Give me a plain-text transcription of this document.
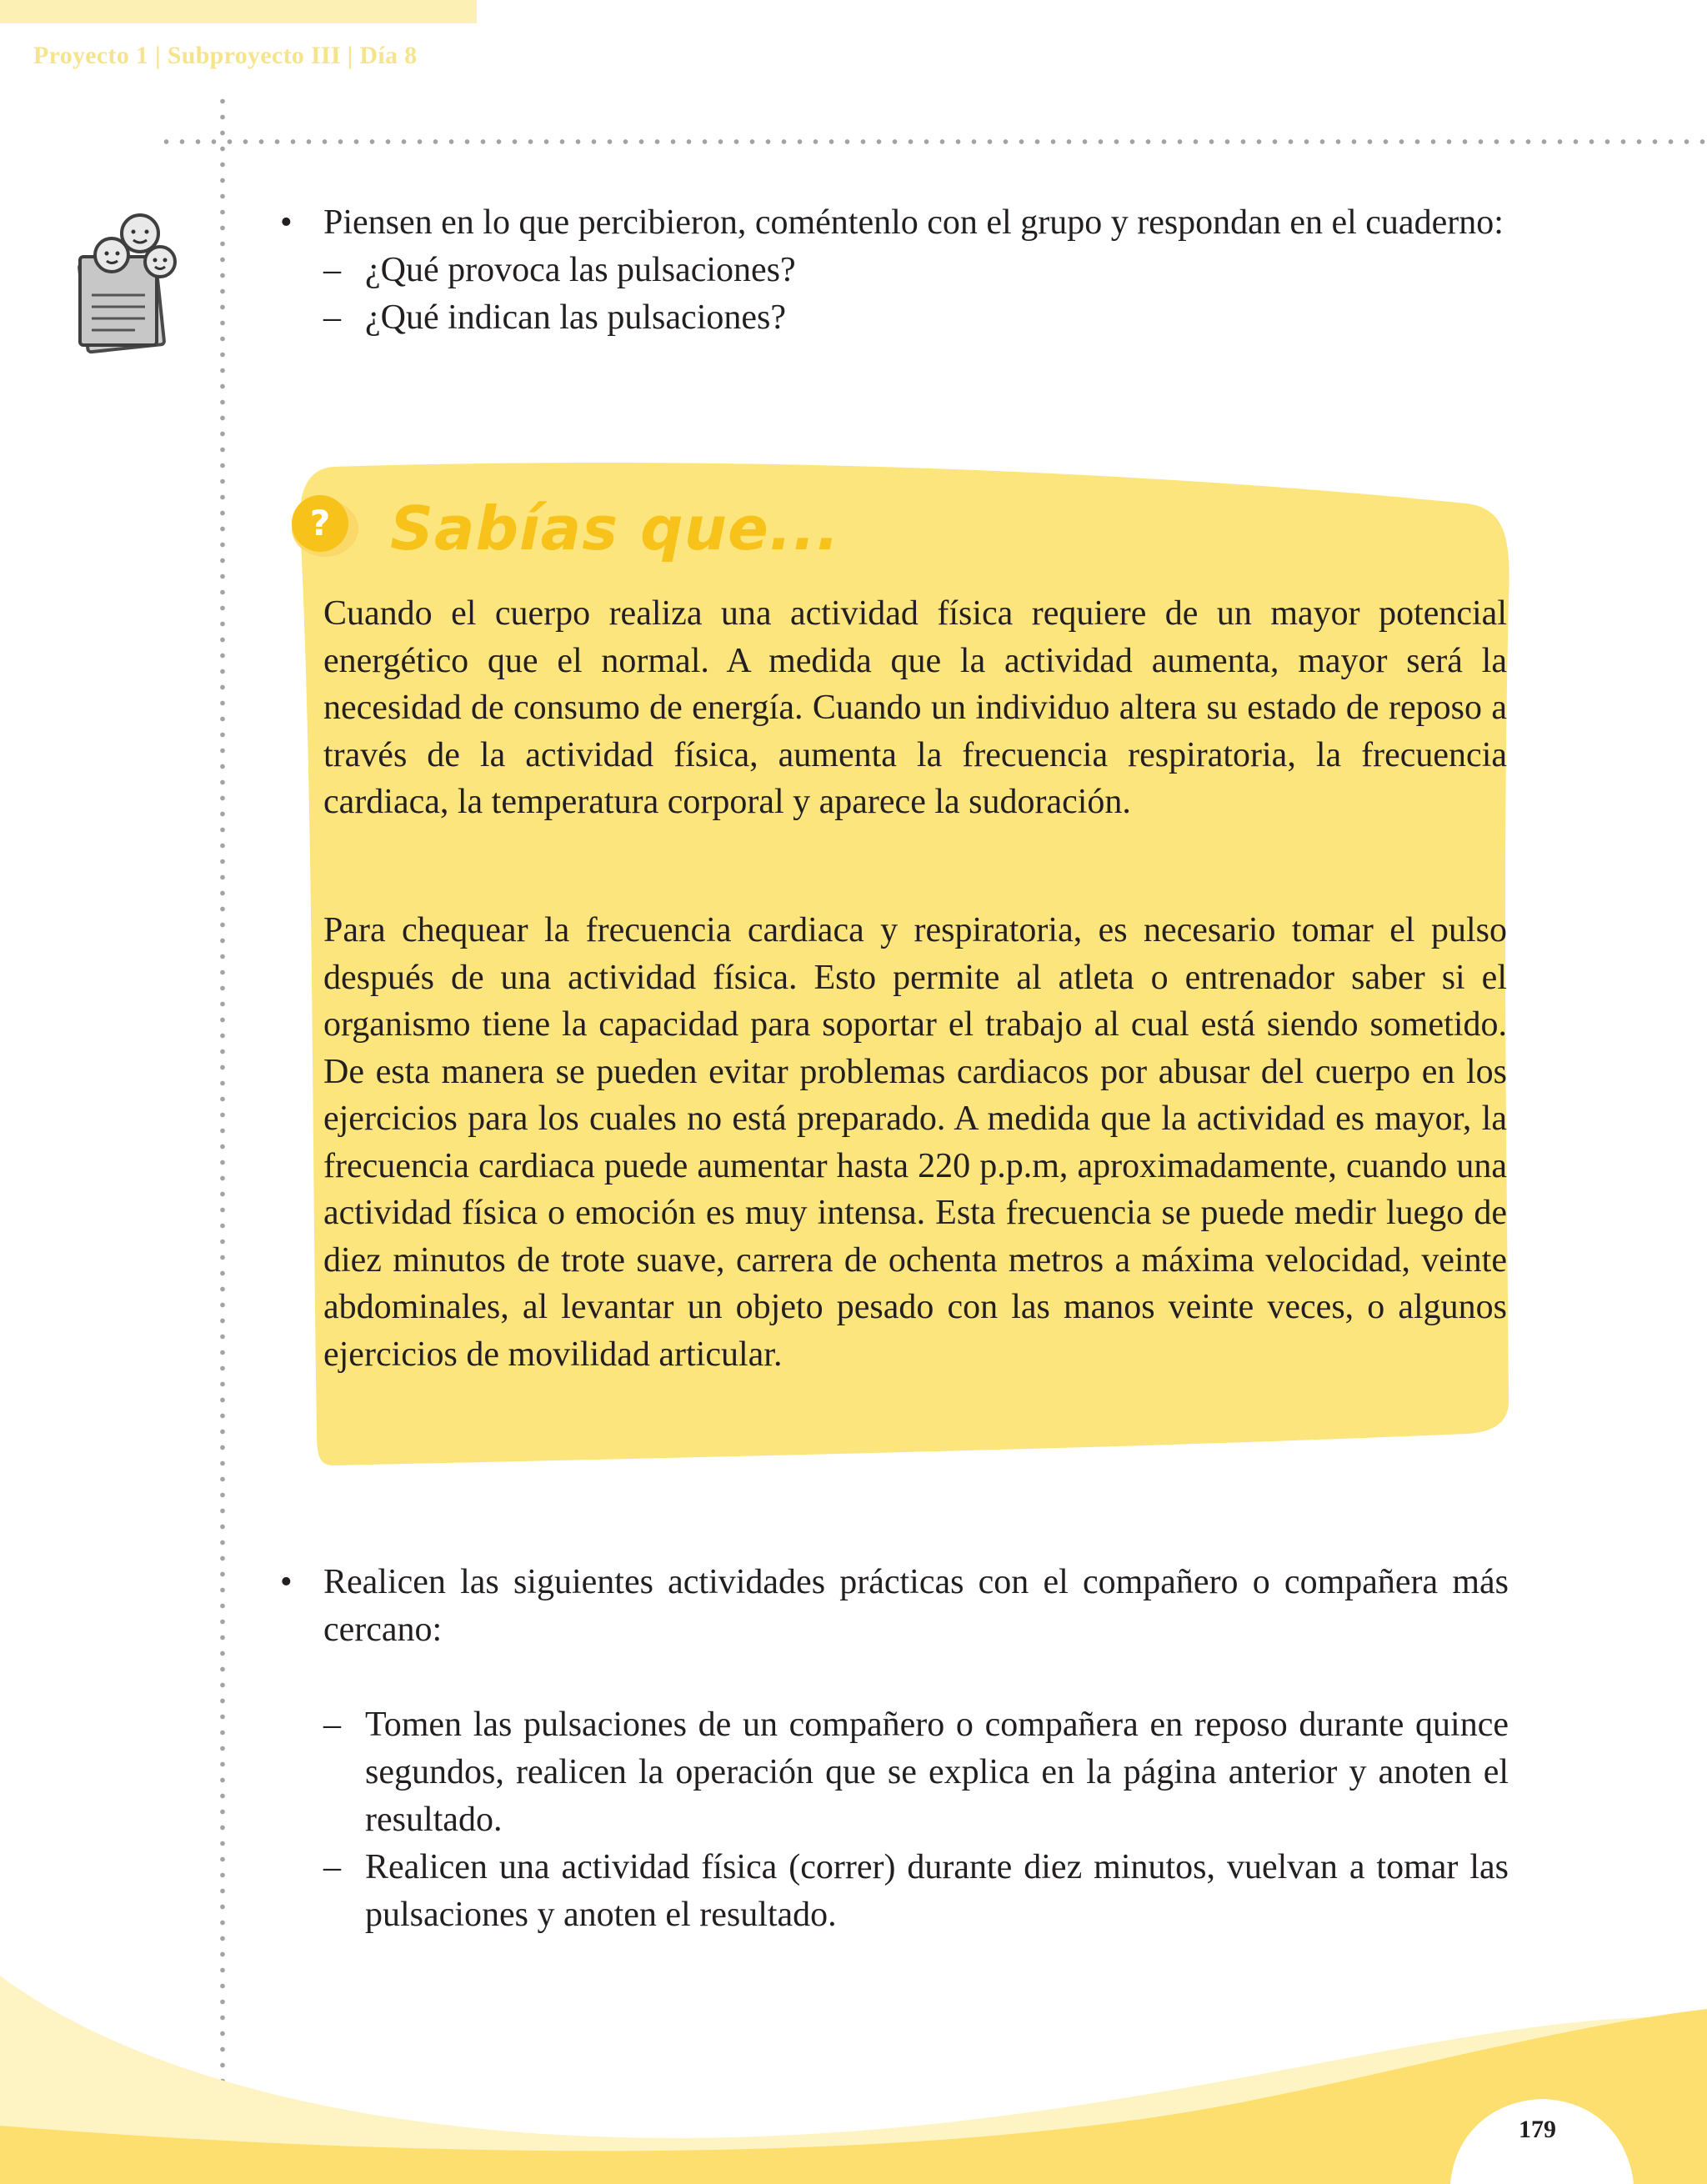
Proyecto 1 | Subproyecto III | Día 8
• Piensen en lo que percibieron, coméntenlo con el grupo y respondan en el cuaderno:
– ¿Qué provoca las pulsaciones?
– ¿Qué indican las pulsaciones?
? Sabías que...
Cuando el cuerpo realiza una actividad física requiere de un mayor potencial energético que el normal. A medida que la actividad aumenta, mayor será la necesidad de consumo de energía. Cuando un individuo altera su estado de reposo a través de la actividad física, aumenta la frecuencia respiratoria, la frecuencia cardiaca, la temperatura corporal y aparece la sudoración.
Para chequear la frecuencia cardiaca y respiratoria, es necesario tomar el pulso después de una actividad física. Esto permite al atleta o entrenador saber si el organismo tiene la capacidad para soportar el trabajo al cual está siendo sometido. De esta manera se pueden evitar problemas cardiacos por abusar del cuerpo en los ejercicios para los cuales no está preparado. A medida que la actividad es mayor, la frecuencia cardiaca puede aumentar hasta 220 p.p.m, aproximadamente, cuando una actividad física o emoción es muy intensa. Esta frecuencia se puede medir luego de diez minutos de trote suave, carrera de ochenta metros a máxima velocidad, veinte abdominales, al levantar un objeto pesado con las manos veinte veces, o algunos ejercicios de movilidad articular.
• Realicen las siguientes actividades prácticas con el compañero o compañera más cercano:
– Tomen las pulsaciones de un compañero o compañera en reposo durante quince segundos, realicen la operación que se explica en la página anterior y anoten el resultado.
– Realicen una actividad física (correr) durante diez minutos, vuelvan a tomar las pulsaciones y anoten el resultado.
179
